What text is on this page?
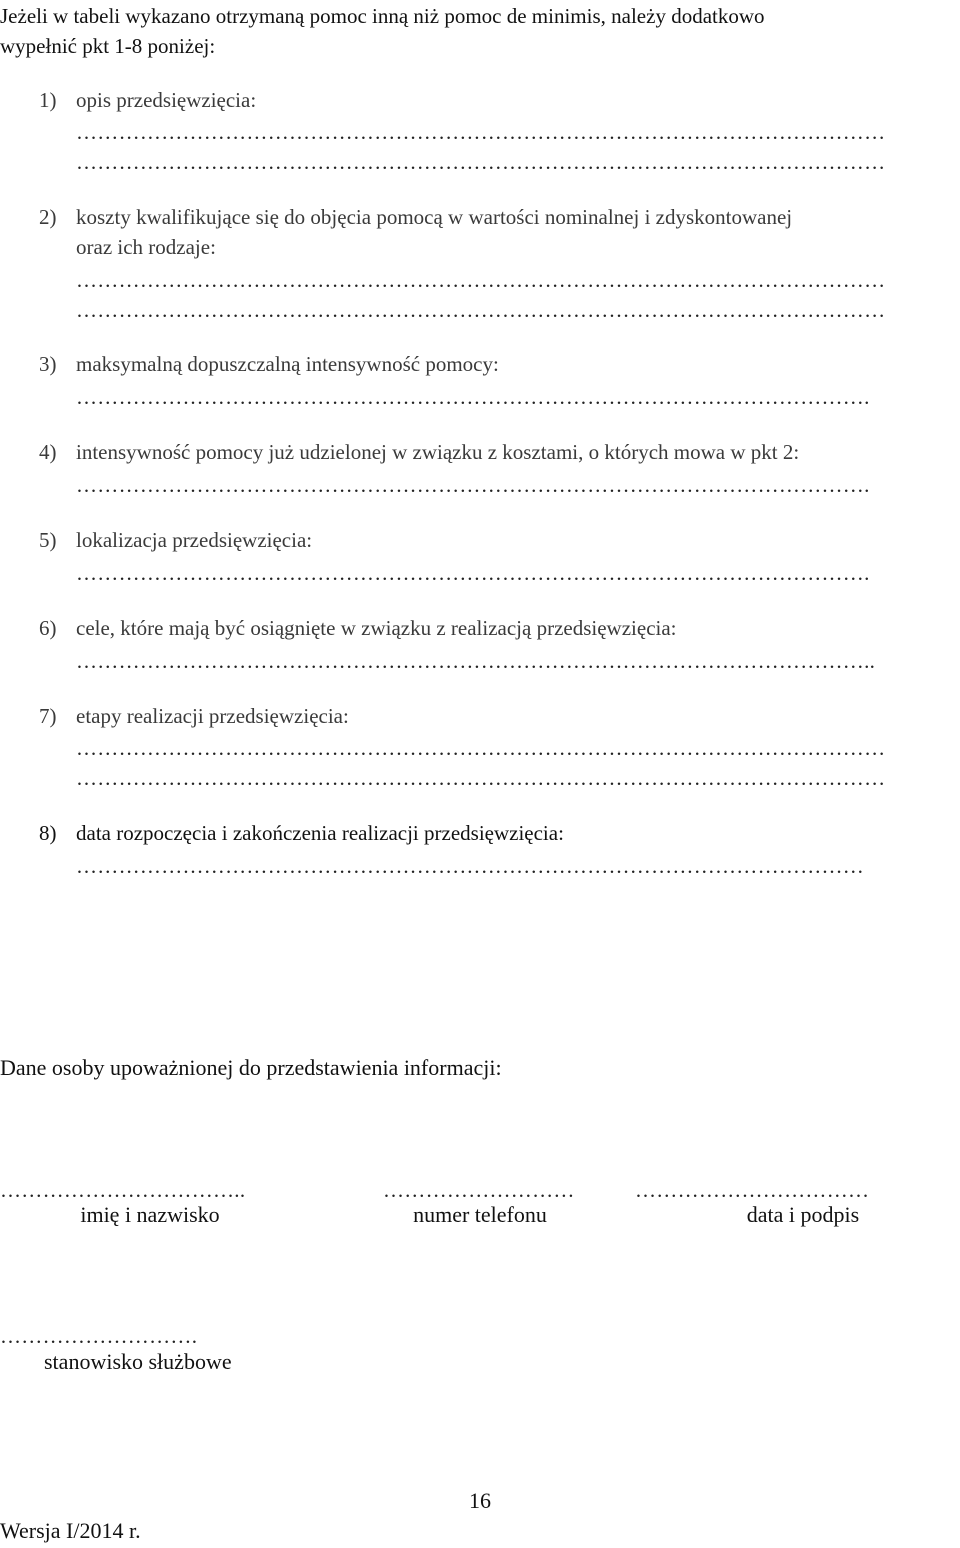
Jeżeli w tabeli wykazano otrzymaną pomoc inną niż pomoc de minimis, należy dodatkowo
wypełnić pkt 1-8 poniżej:
1) opis przedsięwzięcia:
……………………………………………………………………………………………………
……………………………………………………………………………………………………
2) koszty kwalifikujące się do objęcia pomocą w wartości nominalnej i zdyskontowanej
oraz ich rodzaje:
……………………………………………………………………………………………………
……………………………………………………………………………………………………
3) maksymalną dopuszczalną intensywność pomocy:
………………………………………………………………………………………………….
4) intensywność pomocy już udzielonej w związku z kosztami, o których mowa w pkt 2:
………………………………………………………………………………………………….
5) lokalizacja przedsięwzięcia:
………………………………………………………………………………………………….
6) cele, które mają być osiągnięte w związku z realizacją przedsięwzięcia:
…………………………………………………………………………………………………..
7) etapy realizacji przedsięwzięcia:
……………………………………………………………………………………………………
……………………………………………………………………………………………………
8) data rozpoczęcia i zakończenia realizacji przedsięwzięcia:
…………………………………………………………………………………………………
Dane osoby upoważnionej do przedstawienia informacji:
……………………………..	………………………	……………………………
imię i nazwisko	numer telefonu	data i podpis
……………………….
stanowisko służbowe
16
Wersja I/2014 r.
